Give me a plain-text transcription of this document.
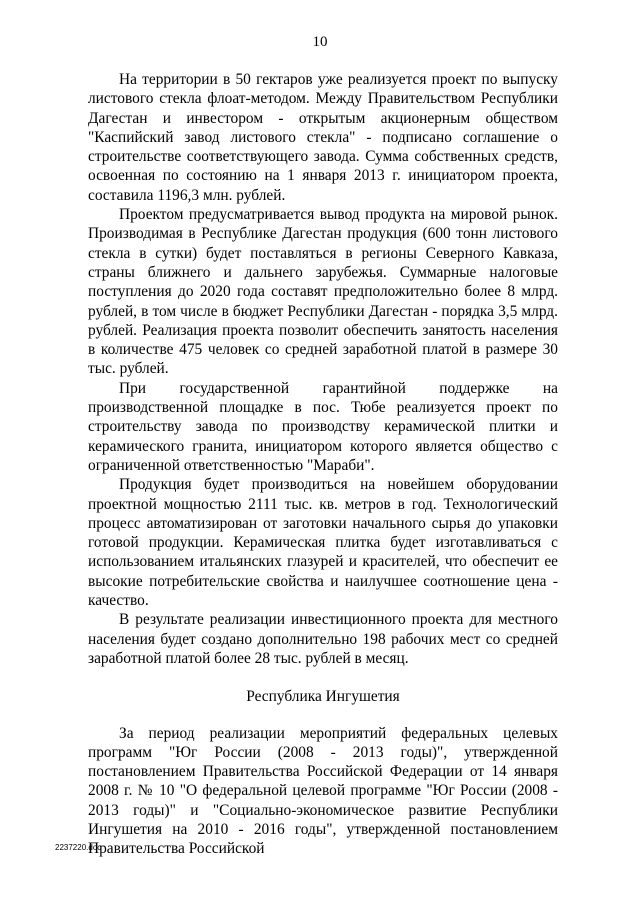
10

На территории в 50 гектаров уже реализуется проект по выпуску листового стекла флоат-методом. Между Правительством Республики Дагестан и инвестором - открытым акционерным обществом "Каспийский завод листового стекла" - подписано соглашение о строительстве соответствующего завода. Сумма собственных средств, освоенная по состоянию на 1 января 2013 г. инициатором проекта, составила 1196,3 млн. рублей.

Проектом предусматривается вывод продукта на мировой рынок. Производимая в Республике Дагестан продукция (600 тонн листового стекла в сутки) будет поставляться в регионы Северного Кавказа, страны ближнего и дальнего зарубежья. Суммарные налоговые поступления до 2020 года составят предположительно более 8 млрд. рублей, в том числе в бюджет Республики Дагестан - порядка 3,5 млрд. рублей. Реализация проекта позволит обеспечить занятость населения в количестве 475 человек со средней заработной платой в размере 30 тыс. рублей.

При государственной гарантийной поддержке на производственной площадке в пос. Тюбе реализуется проект по строительству завода по производству керамической плитки и керамического гранита, инициатором которого является общество с ограниченной ответственностью "Мараби".

Продукция будет производиться на новейшем оборудовании проектной мощностью 2111 тыс. кв. метров в год. Технологический процесс автоматизирован от заготовки начального сырья до упаковки готовой продукции. Керамическая плитка будет изготавливаться с использованием итальянских глазурей и красителей, что обеспечит ее высокие потребительские свойства и наилучшее соотношение цена - качество.

В результате реализации инвестиционного проекта для местного населения будет создано дополнительно 198 рабочих мест со средней заработной платой более 28 тыс. рублей в месяц.

Республика Ингушетия

За период реализации мероприятий федеральных целевых программ "Юг России (2008 - 2013 годы)", утвержденной постановлением Правительства Российской Федерации от 14 января 2008 г. № 10 "О федеральной целевой программе "Юг России (2008 - 2013 годы)" и "Социально-экономическое развитие Республики Ингушетия на 2010 - 2016 годы", утвержденной постановлением Правительства Российской

2237220.doc
